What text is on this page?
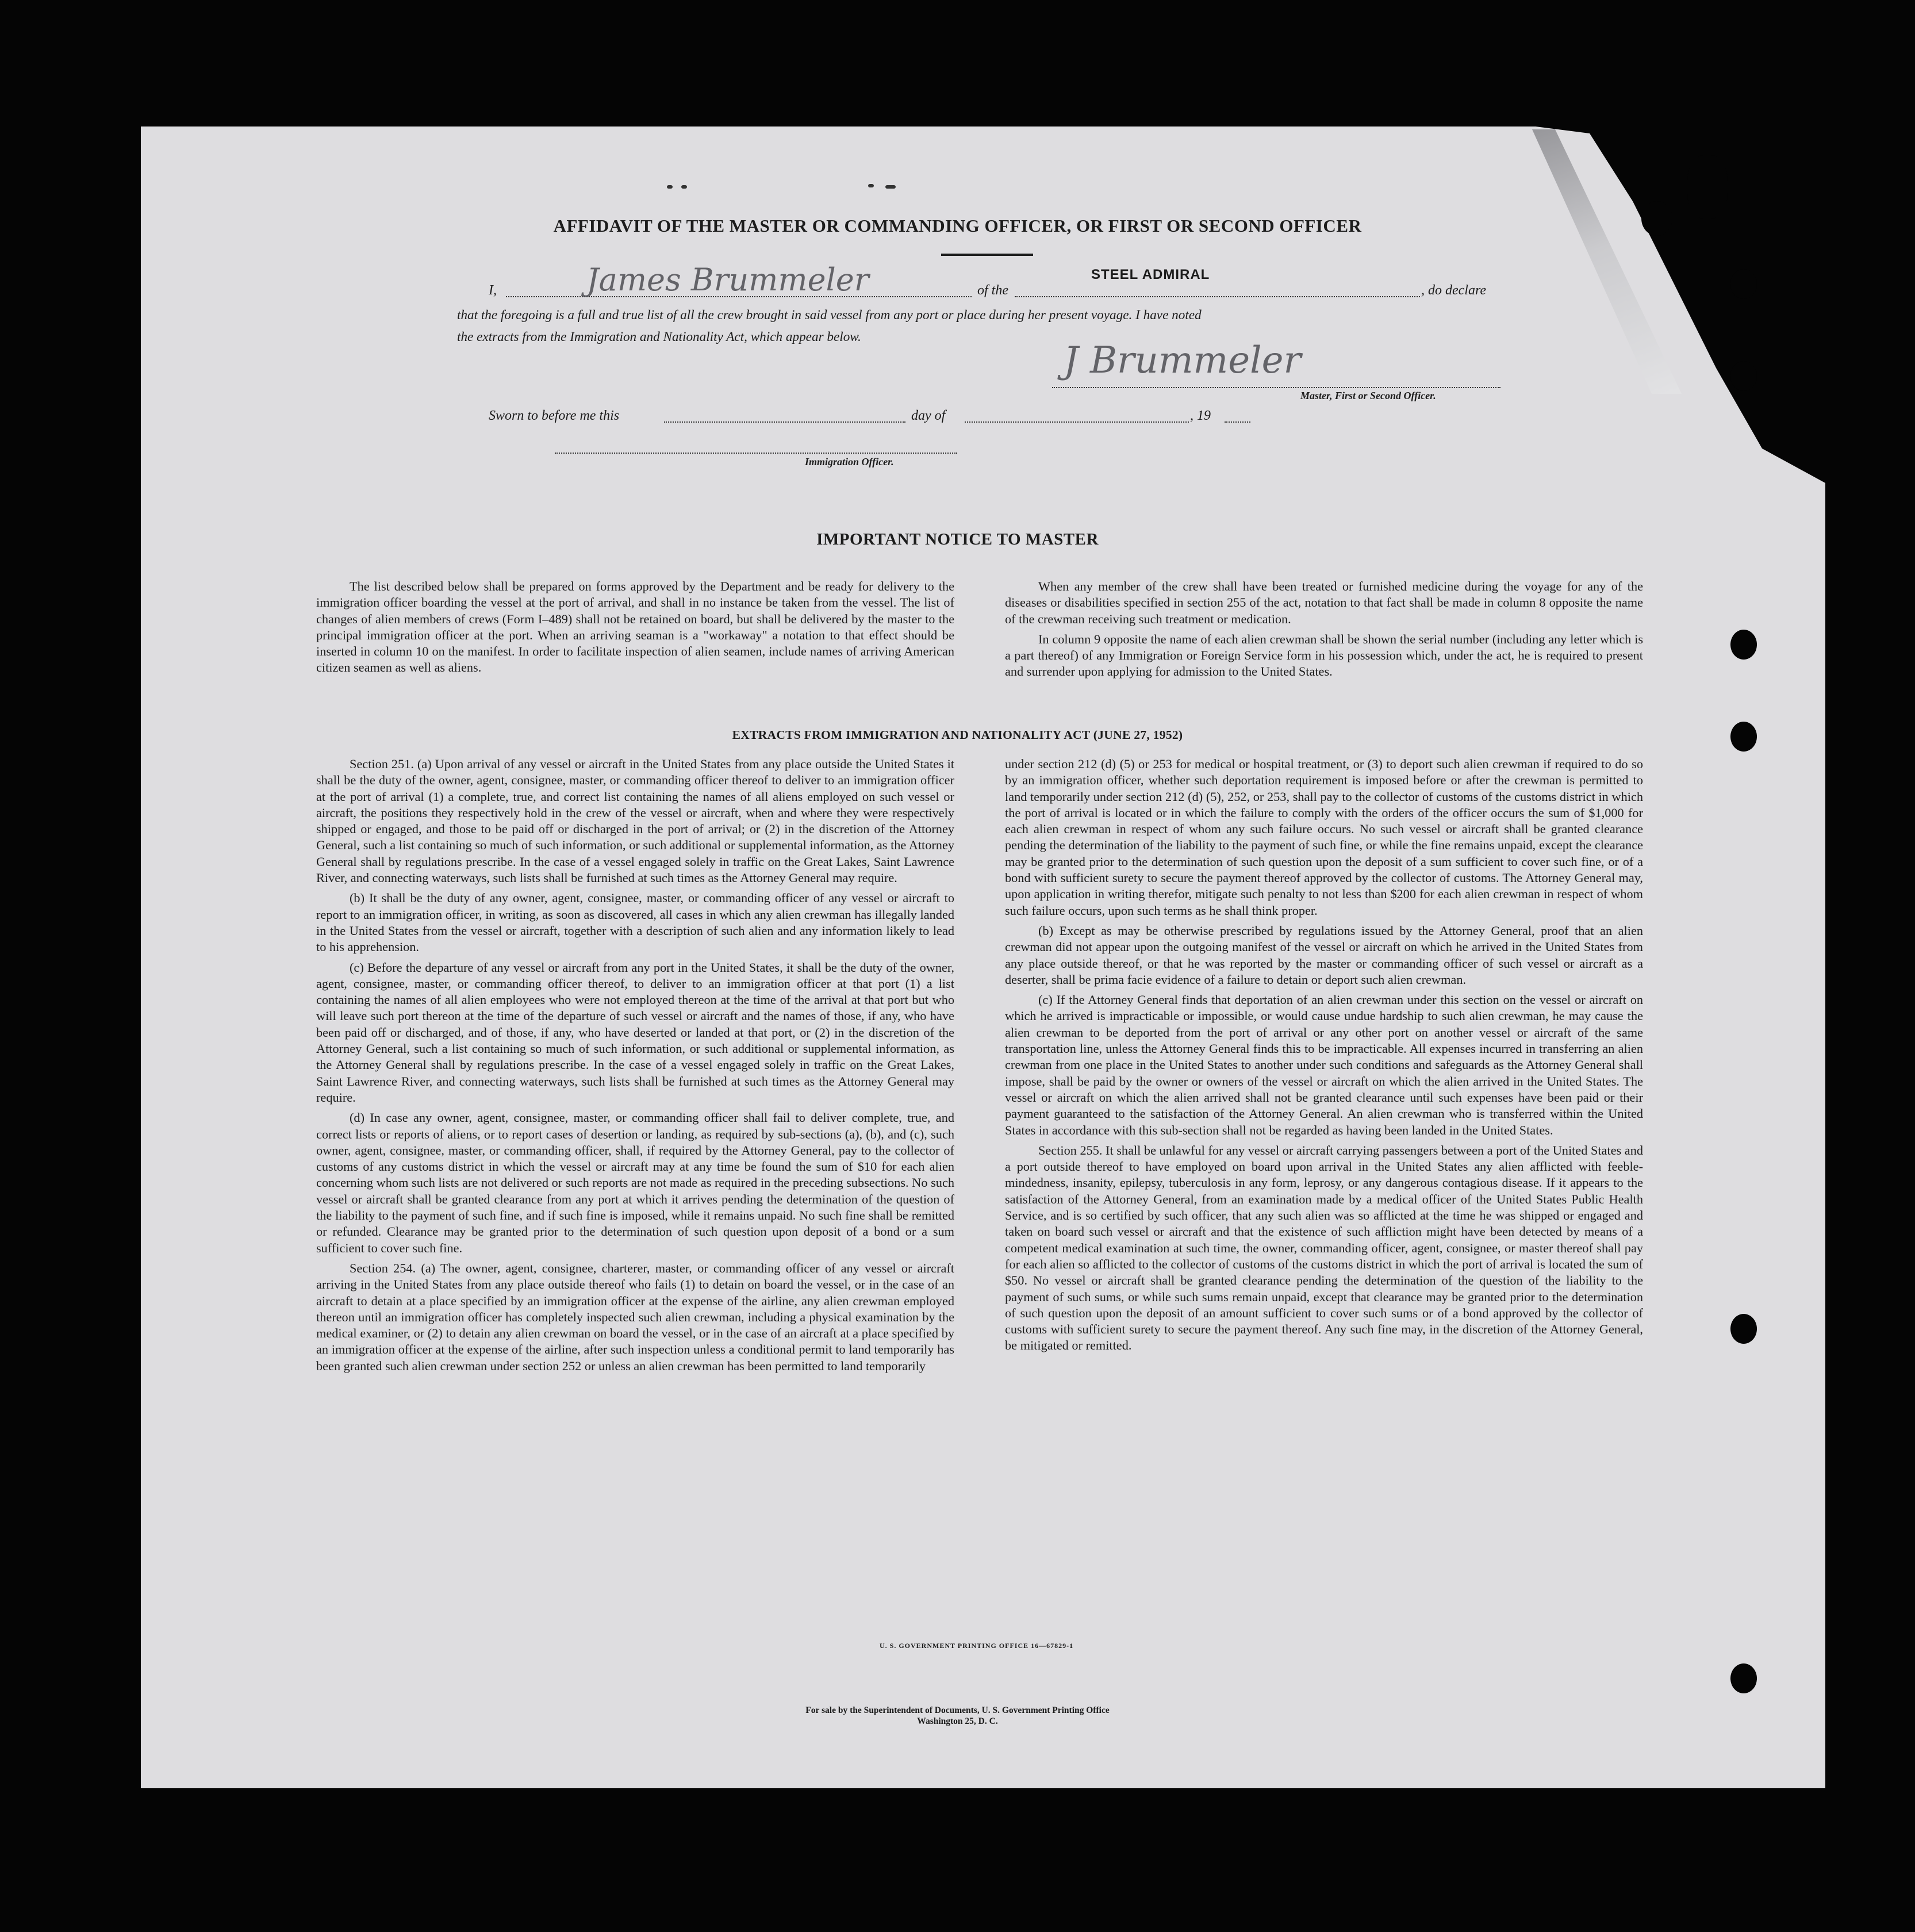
AFFIDAVIT OF THE MASTER OR COMMANDING OFFICER, OR FIRST OR SECOND OFFICER
I,	James Brummeler	of the
STEEL ADMIRAL
, do declare
that the foregoing is a full and true list of all the crew brought in said vessel from any port or place during her present voyage. I have noted
the extracts from the Immigration and Nationality Act, which appear below.
J Brummeler
Master, First or Second Officer.
Sworn to before me this	day of	, 19
Immigration Officer.
IMPORTANT NOTICE TO MASTER

The list described below shall be prepared on forms approved by the Department and be ready for delivery to the immigration officer boarding the vessel at the port of arrival, and shall in no instance be taken from the vessel. The list of changes of alien members of crews (Form I–489) shall not be retained on board, but shall be delivered by the master to the principal immigration officer at the port. When an arriving seaman is a "workaway" a notation to that effect should be inserted in column 10 on the manifest. In order to facilitate inspection of alien seamen, include names of arriving American citizen seamen as well as aliens.

When any member of the crew shall have been treated or furnished medicine during the voyage for any of the diseases or disabilities specified in section 255 of the act, notation to that fact shall be made in column 8 opposite the name of the crewman receiving such treatment or medication.

In column 9 opposite the name of each alien crewman shall be shown the serial number (including any letter which is a part thereof) of any Immigration or Foreign Service form in his possession which, under the act, he is required to present and surrender upon applying for admission to the United States.

EXTRACTS FROM IMMIGRATION AND NATIONALITY ACT (JUNE 27, 1952)

Section 251. (a) Upon arrival of any vessel or aircraft in the United States from any place outside the United States it shall be the duty of the owner, agent, consignee, master, or commanding officer thereof to deliver to an immigration officer at the port of arrival (1) a complete, true, and correct list containing the names of all aliens employed on such vessel or aircraft, the positions they respectively hold in the crew of the vessel or aircraft, when and where they were respectively shipped or engaged, and those to be paid off or discharged in the port of arrival; or (2) in the discretion of the Attorney General, such a list containing so much of such information, or such additional or supplemental information, as the Attorney General shall by regulations prescribe. In the case of a vessel engaged solely in traffic on the Great Lakes, Saint Lawrence River, and connecting waterways, such lists shall be furnished at such times as the Attorney General may require.

(b) It shall be the duty of any owner, agent, consignee, master, or commanding officer of any vessel or aircraft to report to an immigration officer, in writing, as soon as discovered, all cases in which any alien crewman has illegally landed in the United States from the vessel or aircraft, together with a description of such alien and any information likely to lead to his apprehension.

(c) Before the departure of any vessel or aircraft from any port in the United States, it shall be the duty of the owner, agent, consignee, master, or commanding officer thereof, to deliver to an immigration officer at that port (1) a list containing the names of all alien employees who were not employed thereon at the time of the arrival at that port but who will leave such port thereon at the time of the departure of such vessel or aircraft and the names of those, if any, who have been paid off or discharged, and of those, if any, who have deserted or landed at that port, or (2) in the discretion of the Attorney General, such a list containing so much of such information, or such additional or supplemental information, as the Attorney General shall by regulations prescribe. In the case of a vessel engaged solely in traffic on the Great Lakes, Saint Lawrence River, and connecting waterways, such lists shall be furnished at such times as the Attorney General may require.

(d) In case any owner, agent, consignee, master, or commanding officer shall fail to deliver complete, true, and correct lists or reports of aliens, or to report cases of desertion or landing, as required by sub-sections (a), (b), and (c), such owner, agent, consignee, master, or commanding officer, shall, if required by the Attorney General, pay to the collector of customs of any customs district in which the vessel or aircraft may at any time be found the sum of $10 for each alien concerning whom such lists are not delivered or such reports are not made as required in the preceding subsections. No such vessel or aircraft shall be granted clearance from any port at which it arrives pending the determination of the question of the liability to the payment of such fine, and if such fine is imposed, while it remains unpaid. No such fine shall be remitted or refunded. Clearance may be granted prior to the determination of such question upon deposit of a bond or a sum sufficient to cover such fine.

Section 254. (a) The owner, agent, consignee, charterer, master, or commanding officer of any vessel or aircraft arriving in the United States from any place outside thereof who fails (1) to detain on board the vessel, or in the case of an aircraft to detain at a place specified by an immigration officer at the expense of the airline, any alien crewman employed thereon until an immigration officer has completely inspected such alien crewman, including a physical examination by the medical examiner, or (2) to detain any alien crewman on board the vessel, or in the case of an aircraft at a place specified by an immigration officer at the expense of the airline, after such inspection unless a conditional permit to land temporarily has been granted such alien crewman under section 252 or unless an alien crewman has been permitted to land temporarily

under section 212 (d) (5) or 253 for medical or hospital treatment, or (3) to deport such alien crewman if required to do so by an immigration officer, whether such deportation requirement is imposed before or after the crewman is permitted to land temporarily under section 212 (d) (5), 252, or 253, shall pay to the collector of customs of the customs district in which the port of arrival is located or in which the failure to comply with the orders of the officer occurs the sum of $1,000 for each alien crewman in respect of whom any such failure occurs. No such vessel or aircraft shall be granted clearance pending the determination of the liability to the payment of such fine, or while the fine remains unpaid, except the clearance may be granted prior to the determination of such question upon the deposit of a sum sufficient to cover such fine, or of a bond with sufficient surety to secure the payment thereof approved by the collector of customs. The Attorney General may, upon application in writing therefor, mitigate such penalty to not less than $200 for each alien crewman in respect of whom such failure occurs, upon such terms as he shall think proper.

(b) Except as may be otherwise prescribed by regulations issued by the Attorney General, proof that an alien crewman did not appear upon the outgoing manifest of the vessel or aircraft on which he arrived in the United States from any place outside thereof, or that he was reported by the master or commanding officer of such vessel or aircraft as a deserter, shall be prima facie evidence of a failure to detain or deport such alien crewman.

(c) If the Attorney General finds that deportation of an alien crewman under this section on the vessel or aircraft on which he arrived is impracticable or impossible, or would cause undue hardship to such alien crewman, he may cause the alien crewman to be deported from the port of arrival or any other port on another vessel or aircraft of the same transportation line, unless the Attorney General finds this to be impracticable. All expenses incurred in transferring an alien crewman from one place in the United States to another under such conditions and safeguards as the Attorney General shall impose, shall be paid by the owner or owners of the vessel or aircraft on which the alien arrived in the United States. The vessel or aircraft on which the alien arrived shall not be granted clearance until such expenses have been paid or their payment guaranteed to the satisfaction of the Attorney General. An alien crewman who is transferred within the United States in accordance with this sub-section shall not be regarded as having been landed in the United States.

Section 255. It shall be unlawful for any vessel or aircraft carrying passengers between a port of the United States and a port outside thereof to have employed on board upon arrival in the United States any alien afflicted with feeble-mindedness, insanity, epilepsy, tuberculosis in any form, leprosy, or any dangerous contagious disease. If it appears to the satisfaction of the Attorney General, from an examination made by a medical officer of the United States Public Health Service, and is so certified by such officer, that any such alien was so afflicted at the time he was shipped or engaged and taken on board such vessel or aircraft and that the existence of such affliction might have been detected by means of a competent medical examination at such time, the owner, commanding officer, agent, consignee, or master thereof shall pay for each alien so afflicted to the collector of customs of the customs district in which the port of arrival is located the sum of $50. No vessel or aircraft shall be granted clearance pending the determination of the question of the liability to the payment of such sums, or while such sums remain unpaid, except that clearance may be granted prior to the determination of such question upon the deposit of an amount sufficient to cover such sums or of a bond approved by the collector of customs with sufficient surety to secure the payment thereof. Any such fine may, in the discretion of the Attorney General, be mitigated or remitted.

U. S. GOVERNMENT PRINTING OFFICE 16—67829-1
For sale by the Superintendent of Documents, U. S. Government Printing Office
Washington 25, D. C.
